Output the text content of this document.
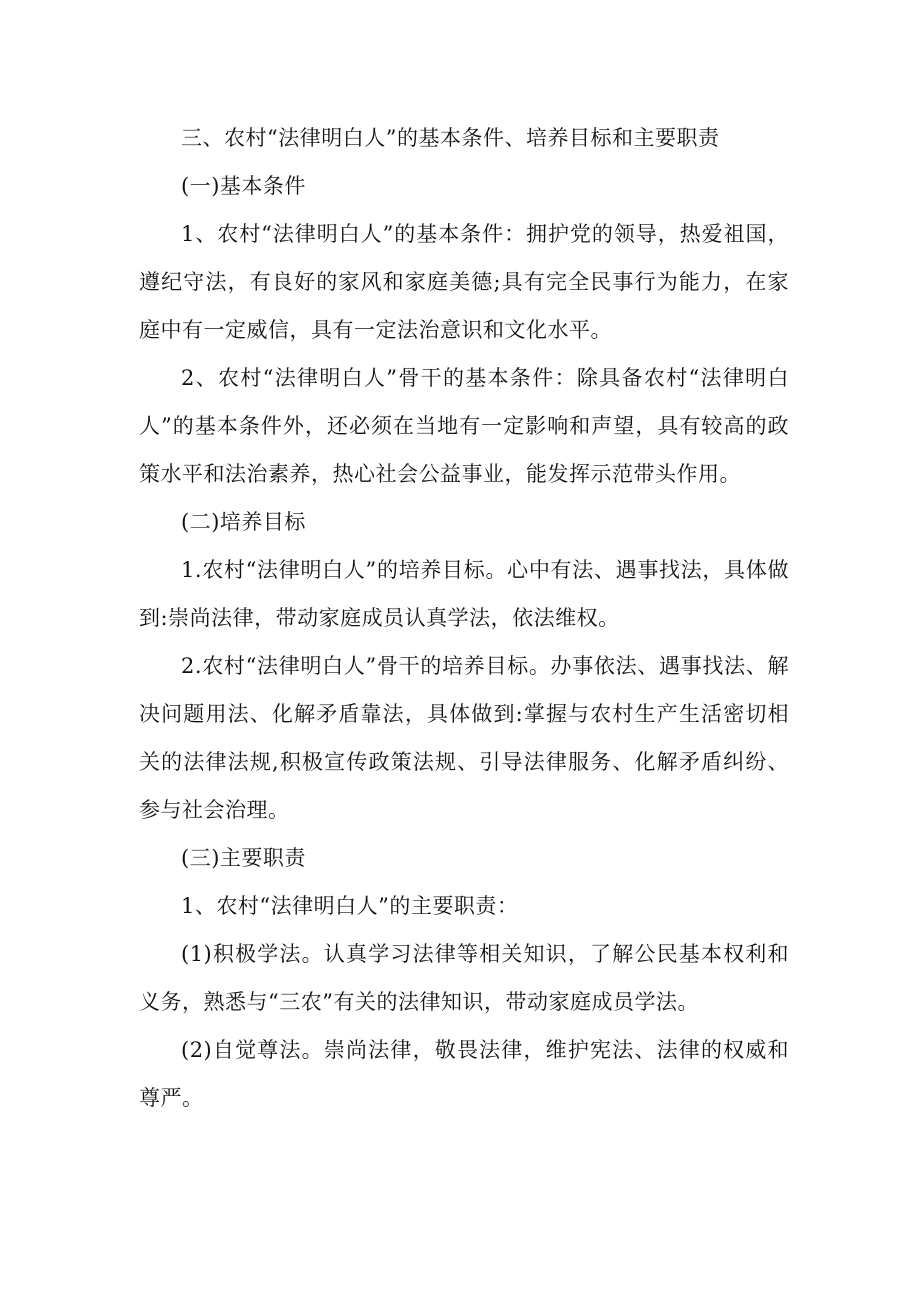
三、农村“法律明白人”的基本条件、培养目标和主要职责

(一)基本条件

1、农村“法律明白人”的基本条件：拥护党的领导，热爱祖国，遵纪守法，有良好的家风和家庭美德;具有完全民事行为能力，在家庭中有一定威信，具有一定法治意识和文化水平。

2、农村“法律明白人”骨干的基本条件：除具备农村“法律明白人”的基本条件外，还必须在当地有一定影响和声望，具有较高的政策水平和法治素养，热心社会公益事业，能发挥示范带头作用。

(二)培养目标

1.农村“法律明白人”的培养目标。心中有法、遇事找法，具体做到:崇尚法律，带动家庭成员认真学法，依法维权。

2.农村“法律明白人”骨干的培养目标。办事依法、遇事找法、解决问题用法、化解矛盾靠法，具体做到:掌握与农村生产生活密切相关的法律法规,积极宣传政策法规、引导法律服务、化解矛盾纠纷、参与社会治理。

(三)主要职责

1、农村“法律明白人”的主要职责：

(1)积极学法。认真学习法律等相关知识，了解公民基本权利和义务，熟悉与“三农”有关的法律知识，带动家庭成员学法。

(2)自觉尊法。崇尚法律，敬畏法律，维护宪法、法律的权威和尊严。
